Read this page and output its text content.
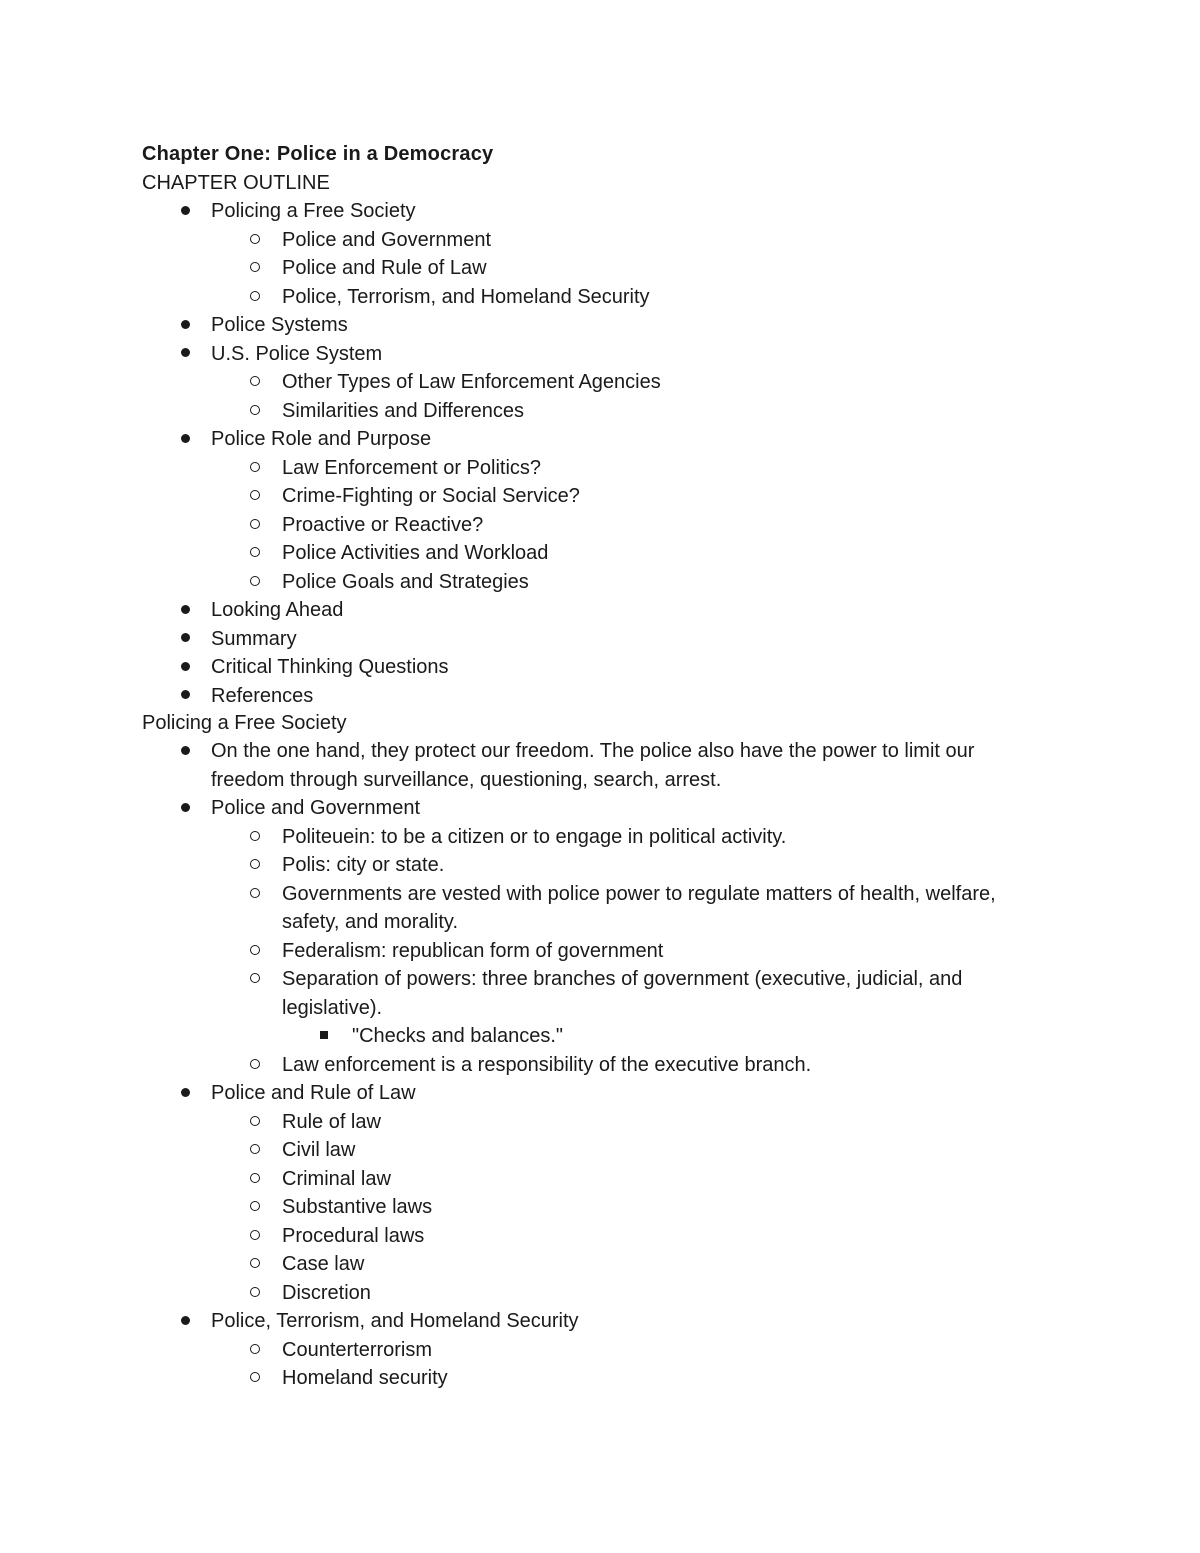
Chapter One: Police in a Democracy
CHAPTER OUTLINE
Policing a Free Society
Police and Government
Police and Rule of Law
Police, Terrorism, and Homeland Security
Police Systems
U.S. Police System
Other Types of Law Enforcement Agencies
Similarities and Differences
Police Role and Purpose
Law Enforcement or Politics?
Crime-Fighting or Social Service?
Proactive or Reactive?
Police Activities and Workload
Police Goals and Strategies
Looking Ahead
Summary
Critical Thinking Questions
References
Policing a Free Society
On the one hand, they protect our freedom. The police also have the power to limit our
freedom through surveillance, questioning, search, arrest.
Police and Government
Politeuein: to be a citizen or to engage in political activity.
Polis: city or state.
Governments are vested with police power to regulate matters of health, welfare,
safety, and morality.
Federalism: republican form of government
Separation of powers: three branches of government (executive, judicial, and
legislative).
"Checks and balances."
Law enforcement is a responsibility of the executive branch.
Police and Rule of Law
Rule of law
Civil law
Criminal law
Substantive laws
Procedural laws
Case law
Discretion
Police, Terrorism, and Homeland Security
Counterterrorism
Homeland security
